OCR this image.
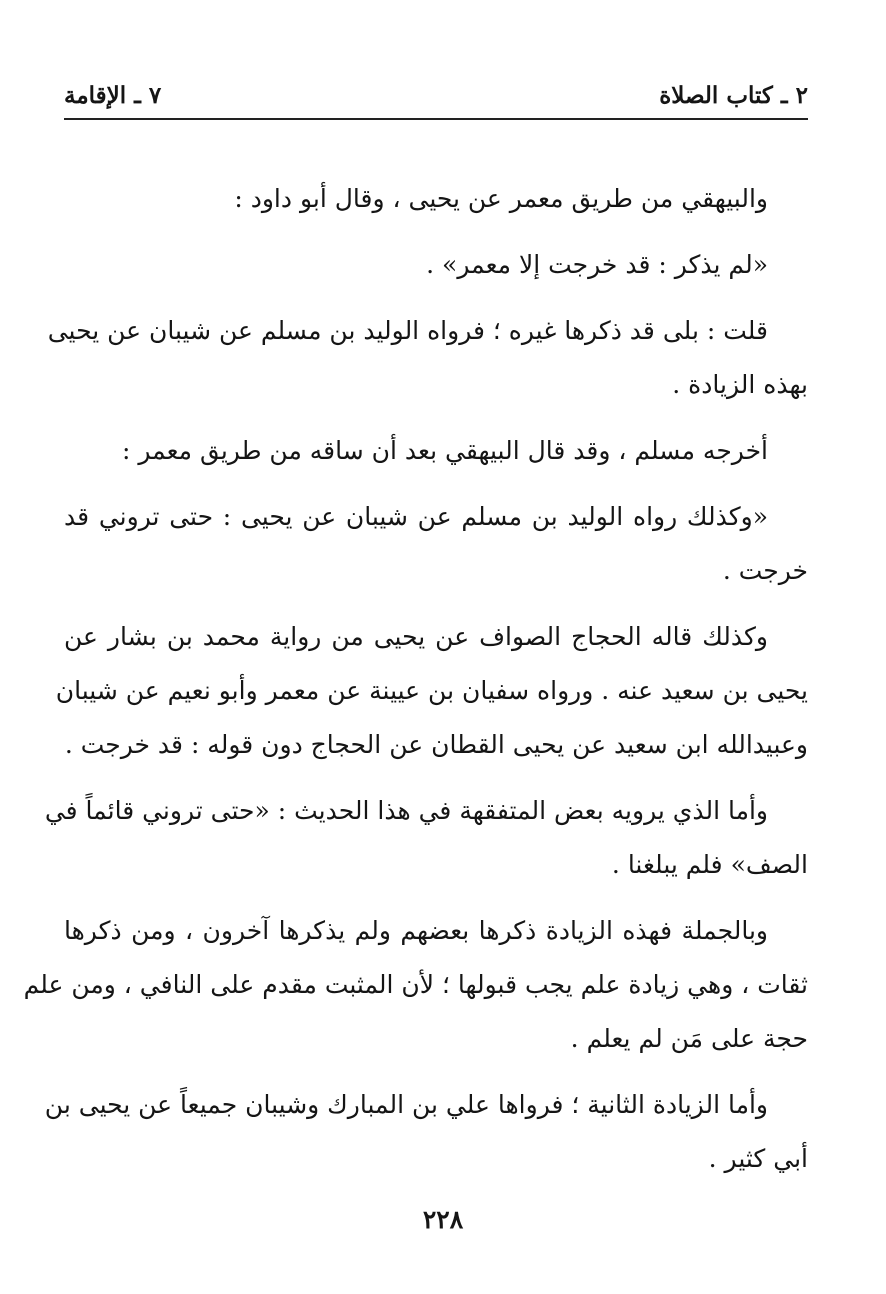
٢ ـ كتاب الصلاة
٧ ـ الإقامة
والبيهقي من طريق معمر عن يحيى ، وقال أبو داود :
«لم يذكر : قد خرجت إلا معمر» .
قلت : بلى قد ذكرها غيره ؛ فرواه الوليد بن مسلم عن شيبان عن يحيى
بهذه الزيادة .
أخرجه مسلم ، وقد قال البيهقي بعد أن ساقه من طريق معمر :
«وكذلك رواه الوليد بن مسلم عن شيبان عن يحيى : حتى تروني قد
خرجت .
وكذلك قاله الحجاج الصواف عن يحيى من رواية محمد بن بشار عن
يحيى بن سعيد عنه . ورواه سفيان بن عيينة عن معمر وأبو نعيم عن شيبان
وعبيدالله ابن سعيد عن يحيى القطان عن الحجاج دون قوله : قد خرجت .
وأما الذي يرويه بعض المتفقهة في هذا الحديث : «حتى تروني قائماً في
الصف» فلم يبلغنا .
وبالجملة فهذه الزيادة ذكرها بعضهم ولم يذكرها آخرون ، ومن ذكرها
ثقات ، وهي زيادة علم يجب قبولها ؛ لأن المثبت مقدم على النافي ، ومن علم
حجة على مَن لم يعلم .
وأما الزيادة الثانية ؛ فرواها علي بن المبارك وشيبان جميعاً عن يحيى بن
أبي كثير .
٢٢٨
